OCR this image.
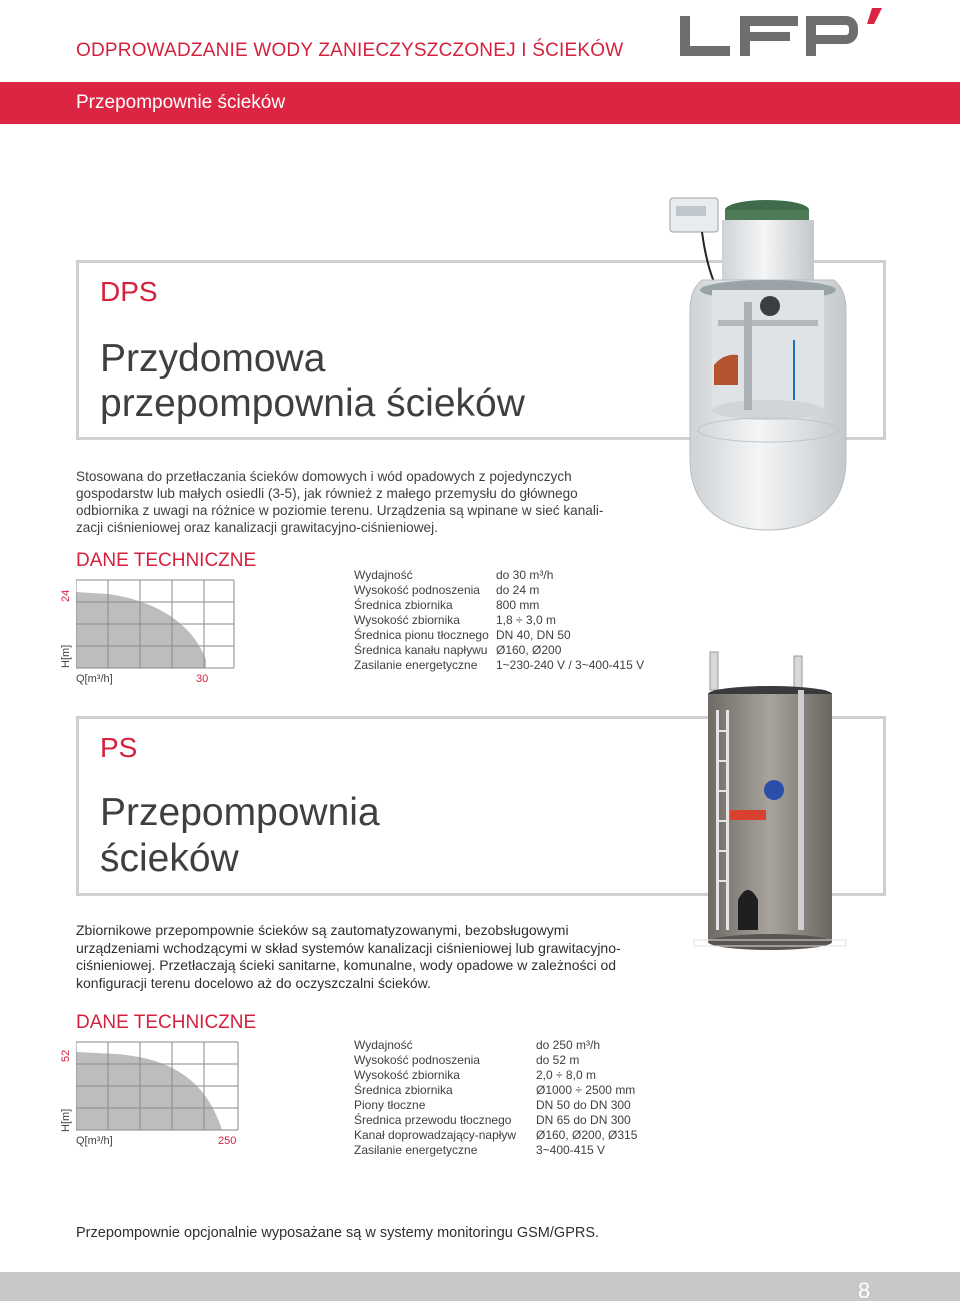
ODPROWADZANIE WODY ZANIECZYSZCZONEJ I ŚCIEKÓW
Przepompownie ścieków
DPS
Przydomowa
przepompownia ścieków
Stosowana do przetłaczania ścieków domowych i wód opadowych z pojedynczych
gospodarstw lub małych osiedli (3-5), jak również z małego przemysłu do głównego
odbiornika z uwagi na różnice w poziomie terenu. Urządzenia są wpinane w sieć kanali-
zacji ciśnieniowej oraz kanalizacji grawitacyjno-ciśnieniowej.
DANE TECHNICZNE
24
H[m]
Q[m³/h]	30
Wydajność	do 30 m³/h
Wysokość podnoszenia	do 24 m
Średnica zbiornika	800 mm
Wysokość zbiornika	1,8 ÷ 3,0 m
Średnica pionu tłocznego	DN 40, DN 50
Średnica kanału napływu	Ø160, Ø200
Zasilanie energetyczne	1~230-240 V / 3~400-415 V
PS
Przepompownia
ścieków
Zbiornikowe przepompownie ścieków są zautomatyzowanymi, bezobsługowymi
urządzeniami wchodzącymi w skład systemów kanalizacji ciśnieniowej lub grawitacyjno-
ciśnieniowej. Przetłaczają ścieki sanitarne, komunalne, wody opadowe w zależności od
konfiguracji terenu docelowo aż do oczyszczalni ścieków.
DANE TECHNICZNE
52
H[m]
Q[m³/h]	250
Wydajność	do 250 m³/h
Wysokość podnoszenia	do 52 m
Wysokość zbiornika	2,0 ÷ 8,0 m
Średnica zbiornika	Ø1000 ÷ 2500 mm
Piony tłoczne	DN 50 do DN 300
Średnica przewodu tłocznego	DN 65 do DN 300
Kanał doprowadzający-napływ	Ø160, Ø200, Ø315
Zasilanie energetyczne	3~400-415 V
Przepompownie opcjonalnie wyposażane są w systemy monitoringu GSM/GPRS.
8
